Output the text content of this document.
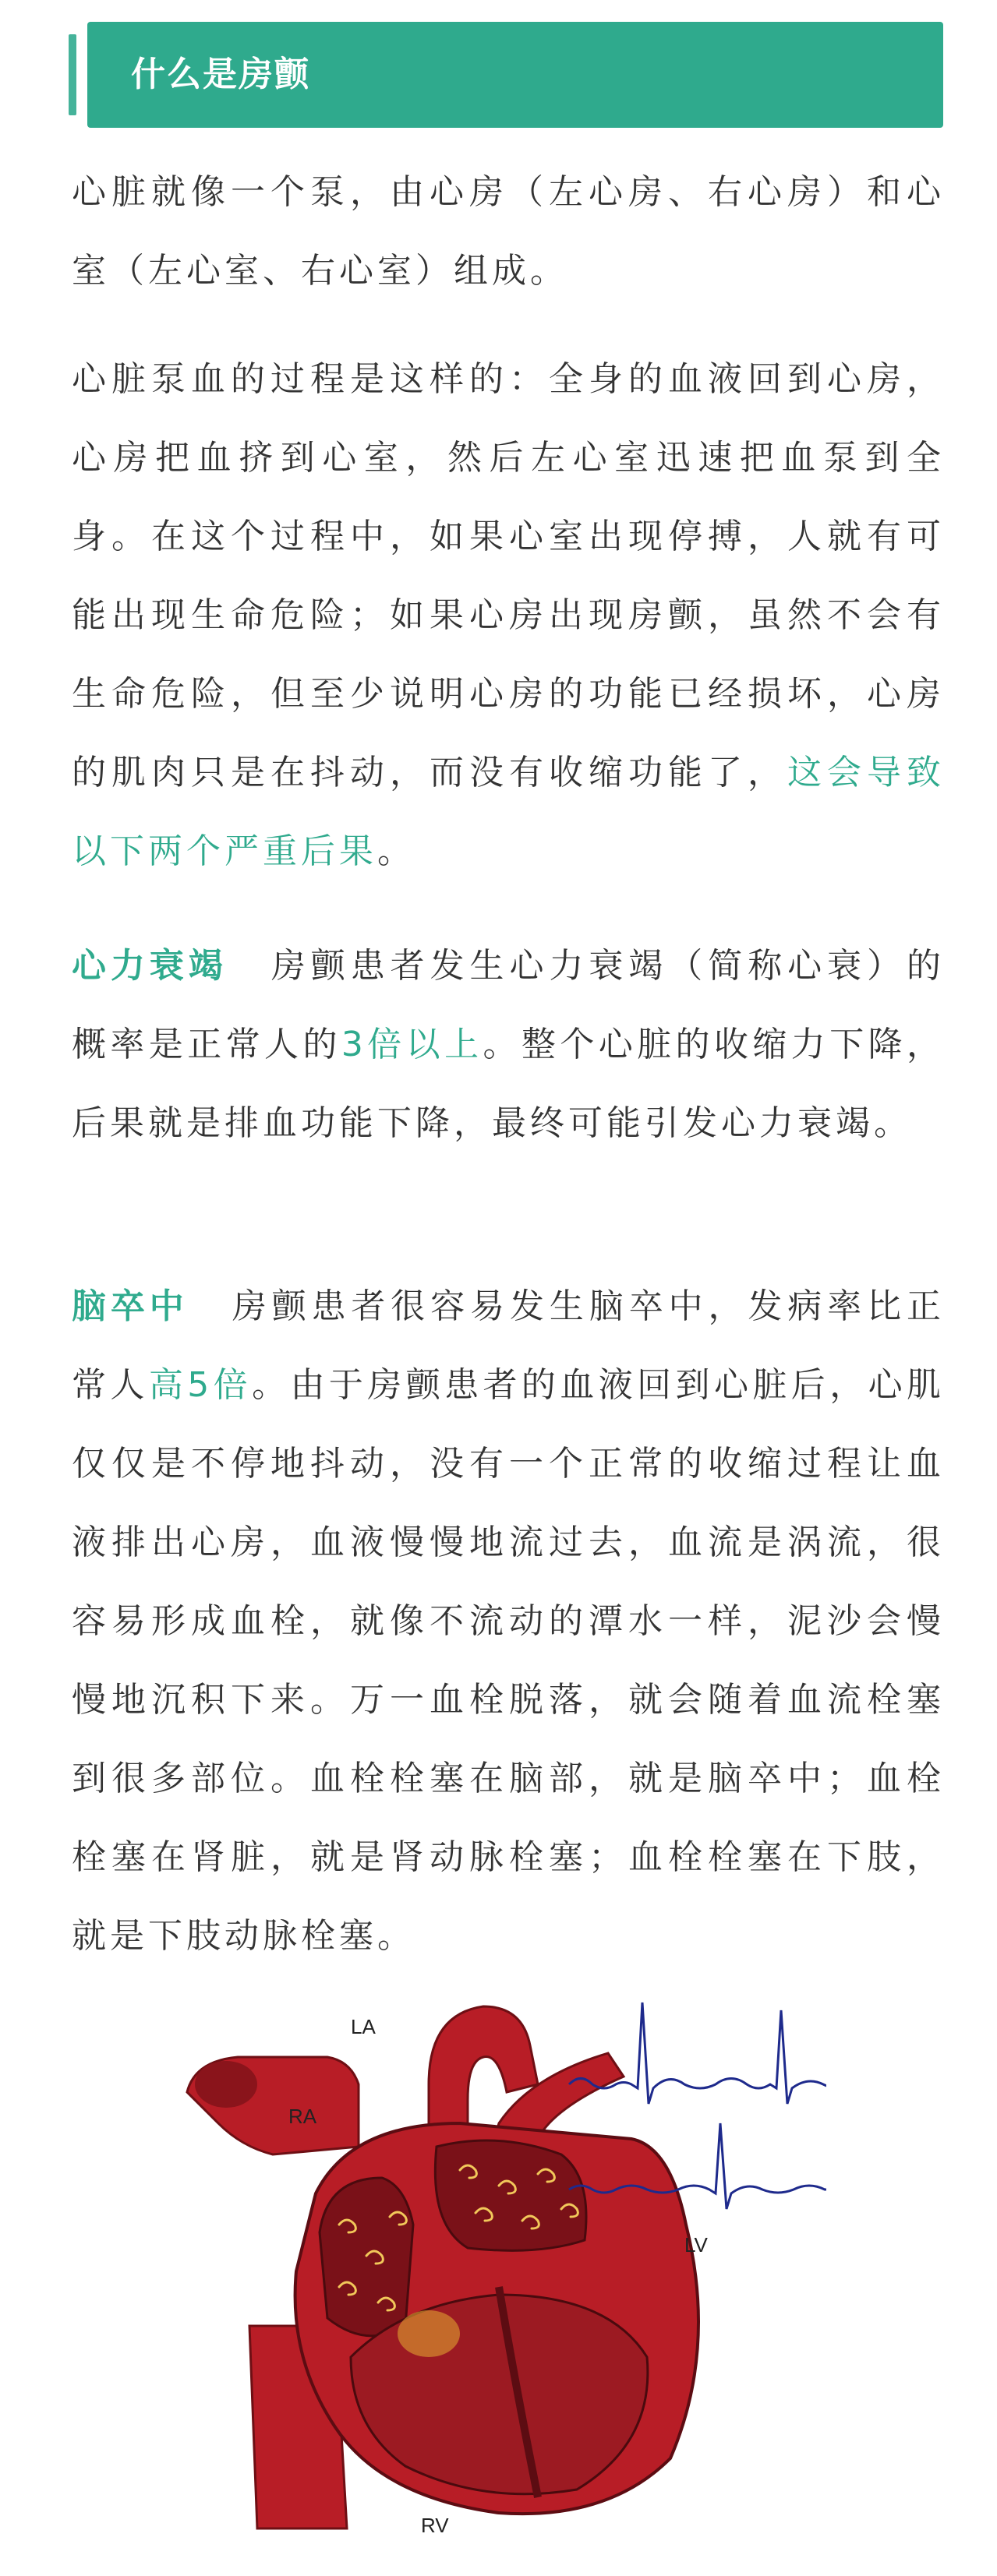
什么是房颤

心脏就像一个泵，由心房（左心房、右心房）和心室（左心室、右心室）组成。

心脏泵血的过程是这样的：全身的血液回到心房，心房把血挤到心室，然后左心室迅速把血泵到全身。在这个过程中，如果心室出现停搏，人就有可能出现生命危险；如果心房出现房颤，虽然不会有生命危险，但至少说明心房的功能已经损坏，心房的肌肉只是在抖动，而没有收缩功能了，这会导致以下两个严重后果。

心力衰竭 房颤患者发生心力衰竭（简称心衰）的概率是正常人的3倍以上。整个心脏的收缩力下降，后果就是排血功能下降，最终可能引发心力衰竭。

脑卒中 房颤患者很容易发生脑卒中，发病率比正常人高5倍。由于房颤患者的血液回到心脏后，心肌仅仅是不停地抖动，没有一个正常的收缩过程让血液排出心房，血液慢慢地流过去，血流是涡流，很容易形成血栓，就像不流动的潭水一样，泥沙会慢慢地沉积下来。万一血栓脱落，就会随着血流栓塞到很多部位。血栓栓塞在脑部，就是脑卒中；血栓栓塞在肾脏，就是肾动脉栓塞；血栓栓塞在下肢，就是下肢动脉栓塞。

LA
RA
LV
RV
